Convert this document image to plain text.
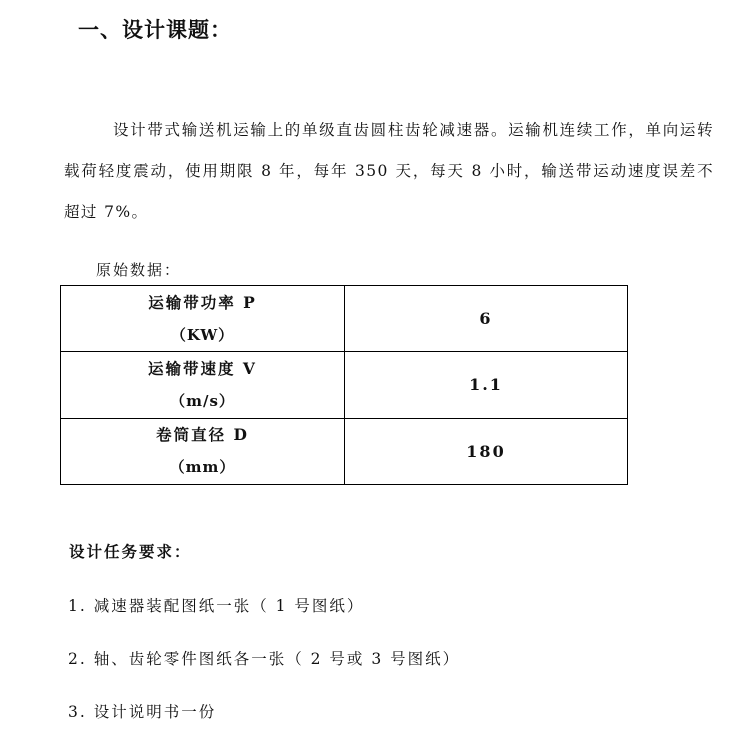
一、设计课题：

设计带式输送机运输上的单级直齿圆柱齿轮减速器。运输机连续工作，单向运转载荷轻度震动，使用期限 8 年，每年 350 天，每天 8 小时，输送带运动速度误差不超过 7%。

原始数据：
运输带功率 P
（KW）	6

运输带速度 V
（m/s）	1.1

卷筒直径 D
（mm）	180
设计任务要求：
1. 减速器装配图纸一张（ 1 号图纸）
2. 轴、齿轮零件图纸各一张（ 2 号或 3 号图纸）
3. 设计说明书一份
